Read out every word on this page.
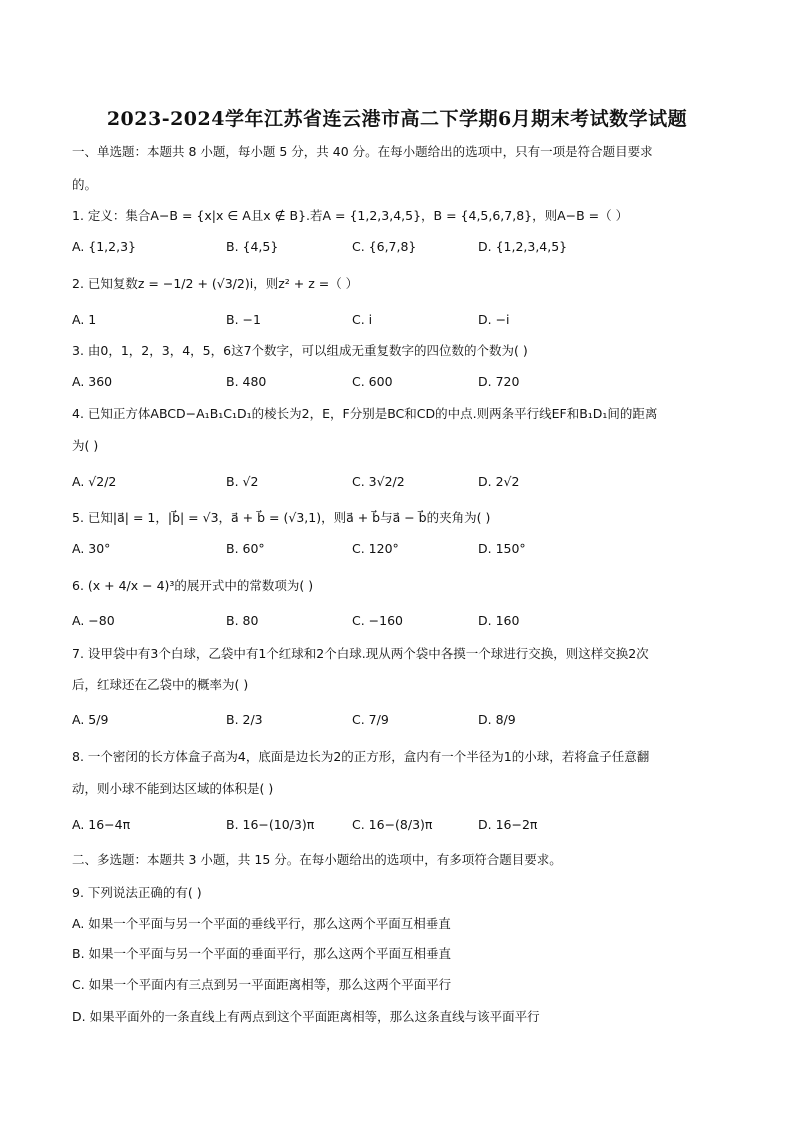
2023-2024学年江苏省连云港市高二下学期6月期末考试数学试题
一、单选题：本题共 8 小题，每小题 5 分，共 40 分。在每小题给出的选项中，只有一项是符合题目要求
的。
1. 定义：集合A−B = {x|x ∈ A且x ∉ B}.若A = {1,2,3,4,5}，B = {4,5,6,7,8}，则A−B =（ ）
A. {1,2,3}	B. {4,5}	C. {6,7,8}	D. {1,2,3,4,5}
2. 已知复数z = −1/2 + (√3/2)i，则z² + z =（ ）
A. 1	B. −1	C. i	D. −i
3. 由0，1，2，3，4，5，6这7个数字，可以组成无重复数字的四位数的个数为( )
A. 360	B. 480	C. 600	D. 720
4. 已知正方体ABCD−A₁B₁C₁D₁的棱长为2，E，F分别是BC和CD的中点.则两条平行线EF和B₁D₁间的距离
为( )
A. √2/2	B. √2	C. 3√2/2	D. 2√2
5. 已知|a⃗| = 1，|b⃗| = √3，a⃗ + b⃗ = (√3,1)，则a⃗ + b⃗与a⃗ − b⃗的夹角为( )
A. 30°	B. 60°	C. 120°	D. 150°
6. (x + 4/x − 4)³的展开式中的常数项为( )
A. −80	B. 80	C. −160	D. 160
7. 设甲袋中有3个白球，乙袋中有1个红球和2个白球.现从两个袋中各摸一个球进行交换，则这样交换2次
后，红球还在乙袋中的概率为( )
A. 5/9	B. 2/3	C. 7/9	D. 8/9
8. 一个密闭的长方体盒子高为4，底面是边长为2的正方形，盒内有一个半径为1的小球，若将盒子任意翻
动，则小球不能到达区域的体积是( )
A. 16−4π	B. 16−(10/3)π	C. 16−(8/3)π	D. 16−2π
二、多选题：本题共 3 小题，共 15 分。在每小题给出的选项中，有多项符合题目要求。
9. 下列说法正确的有( )
A. 如果一个平面与另一个平面的垂线平行，那么这两个平面互相垂直
B. 如果一个平面与另一个平面的垂面平行，那么这两个平面互相垂直
C. 如果一个平面内有三点到另一平面距离相等，那么这两个平面平行
D. 如果平面外的一条直线上有两点到这个平面距离相等，那么这条直线与该平面平行
